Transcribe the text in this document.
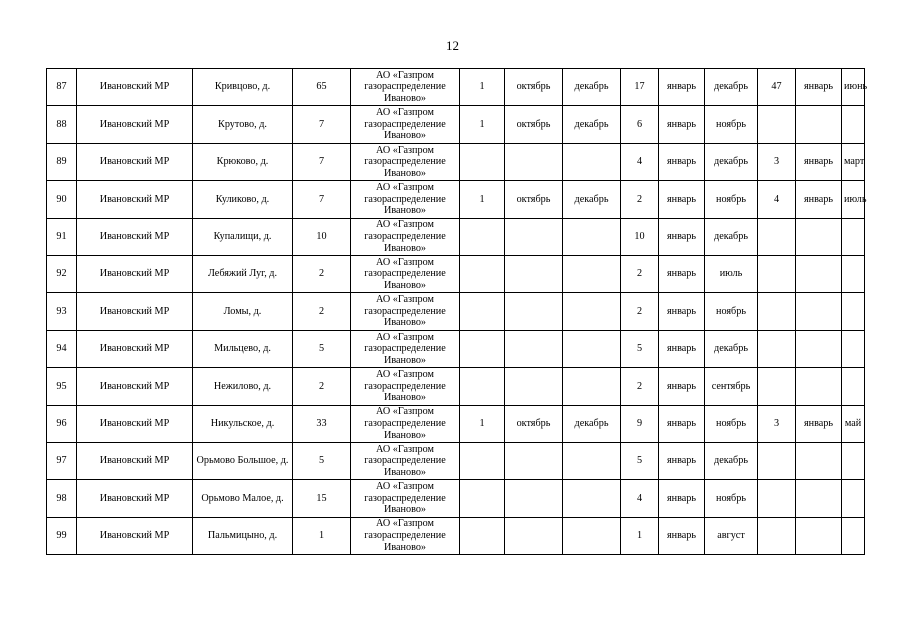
12
87	Ивановский МР	Кривцово, д.	65	АО «Газпром газораспределение Иваново»	1	октябрь	декабрь	17	январь	декабрь	47	январь	июнь
88	Ивановский МР	Крутово, д.	7	АО «Газпром газораспределение Иваново»	1	октябрь	декабрь	6	январь	ноябрь			
89	Ивановский МР	Крюково, д.	7	АО «Газпром газораспределение Иваново»				4	январь	декабрь	3	январь	март
90	Ивановский МР	Куликово, д.	7	АО «Газпром газораспределение Иваново»	1	октябрь	декабрь	2	январь	ноябрь	4	январь	июль
91	Ивановский МР	Купалищи, д.	10	АО «Газпром газораспределение Иваново»				10	январь	декабрь			
92	Ивановский МР	Лебяжий Луг, д.	2	АО «Газпром газораспределение Иваново»				2	январь	июль			
93	Ивановский МР	Ломы, д.	2	АО «Газпром газораспределение Иваново»				2	январь	ноябрь			
94	Ивановский МР	Мильцево, д.	5	АО «Газпром газораспределение Иваново»				5	январь	декабрь			
95	Ивановский МР	Нежилово, д.	2	АО «Газпром газораспределение Иваново»				2	январь	сентябрь			
96	Ивановский МР	Никульское, д.	33	АО «Газпром газораспределение Иваново»	1	октябрь	декабрь	9	январь	ноябрь	3	январь	май
97	Ивановский МР	Орьмово Большое, д.	5	АО «Газпром газораспределение Иваново»				5	январь	декабрь			
98	Ивановский МР	Орьмово Малое, д.	15	АО «Газпром газораспределение Иваново»				4	январь	ноябрь			
99	Ивановский МР	Пальмицыно, д.	1	АО «Газпром газораспределение Иваново»				1	январь	август			
